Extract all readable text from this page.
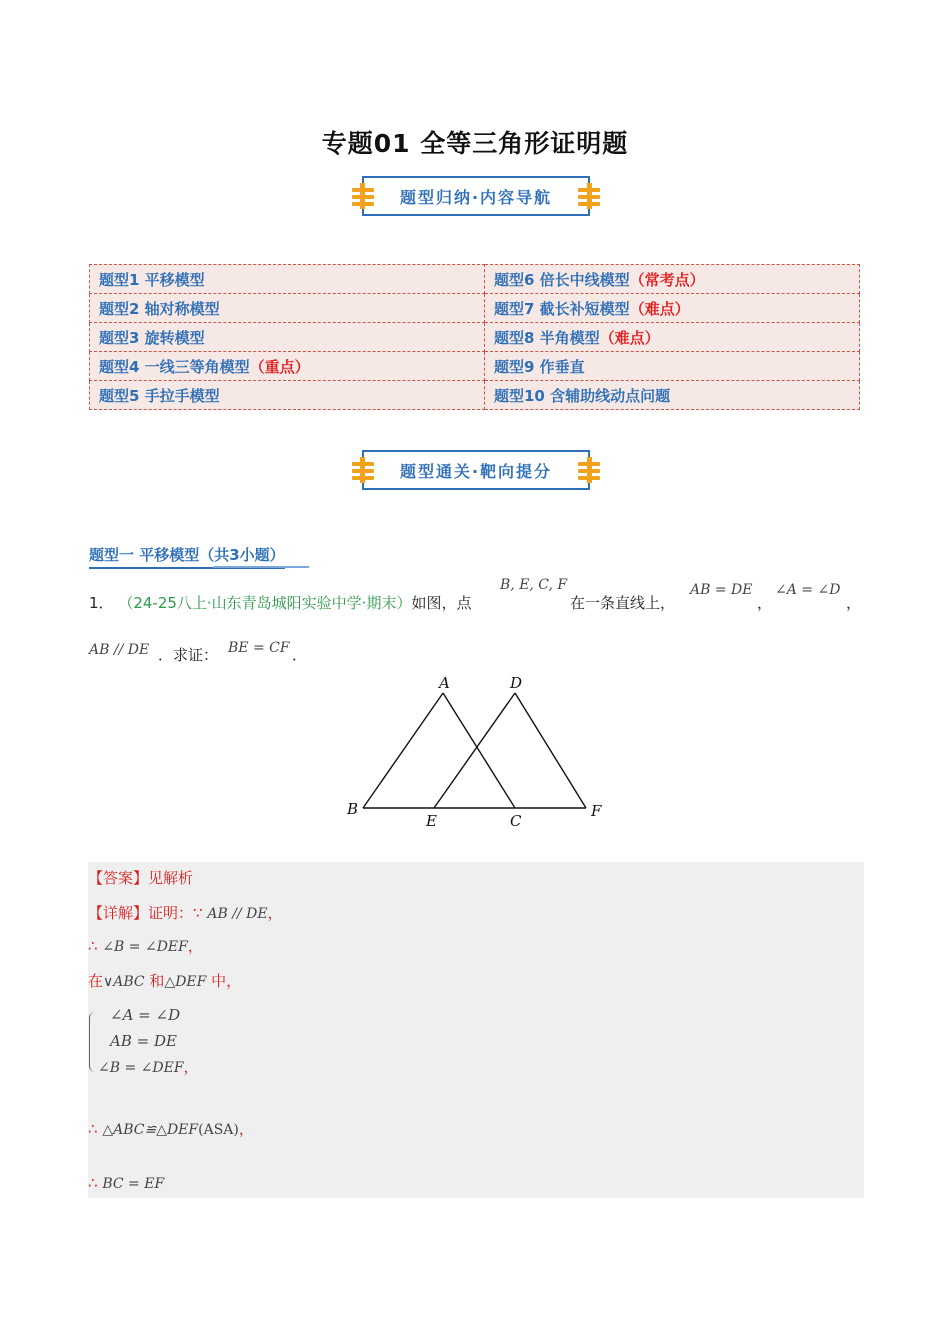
专题01 全等三角形证明题
题型归纳·内容导航
题型1 平移模型	题型6 倍长中线模型（常考点）
题型2 轴对称模型	题型7 截长补短模型（难点）
题型3 旋转模型	题型8 半角模型（难点）
题型4 一线三等角模型（重点）	题型9 作垂直
题型5 手拉手模型	题型10 含辅助线动点问题
题型通关·靶向提分
题型一 平移模型（共3小题）
1． （24-25八上·山东青岛城阳实验中学·期末）如图，点
B, E, C, F
在一条直线上，
AB = DE
，
∠A = ∠D
，
AB // DE ．求证： BE = CF ．
A	D
B
E	C
F
【答案】见解析
【详解】证明：∵ AB // DE，
∴ ∠B = ∠DEF，
在∨ABC 和△DEF 中，
∠A = ∠D
AB = DE
∠B = ∠DEF，
∴ △ABC≌△DEF(ASA)，
∴ BC = EF
